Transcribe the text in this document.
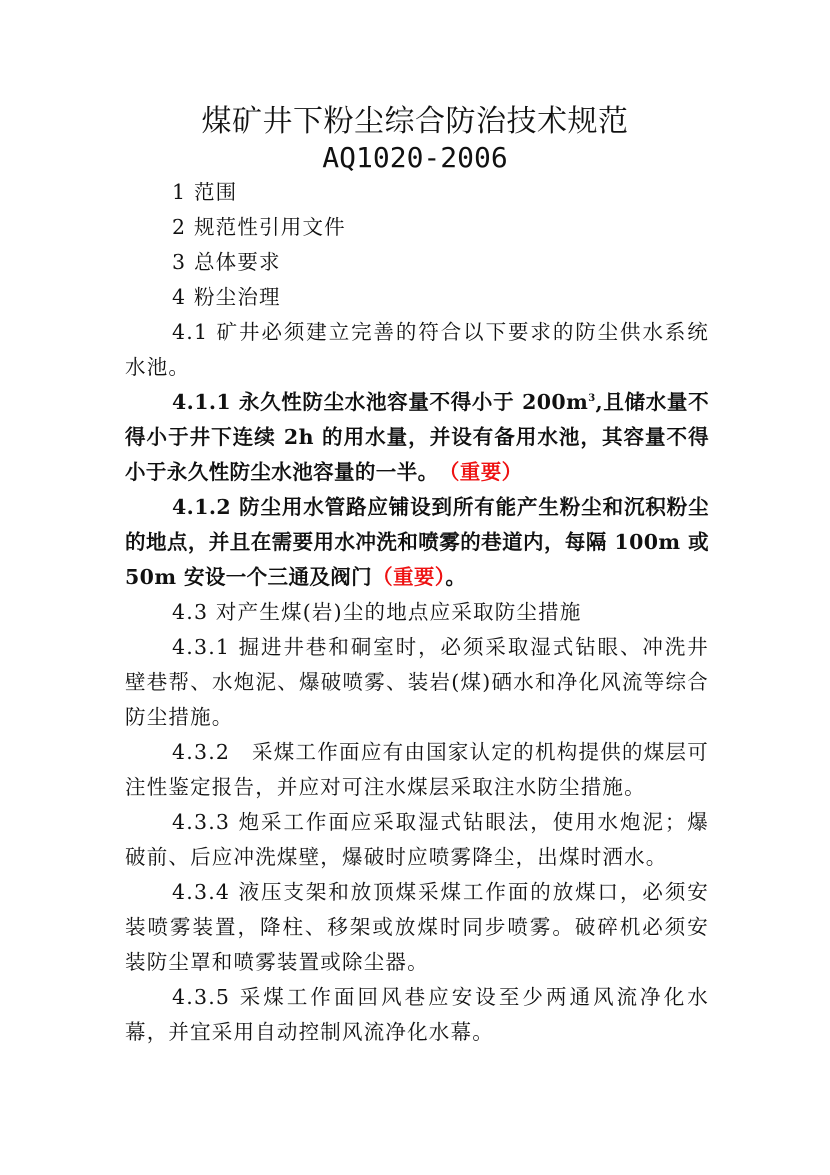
煤矿井下粉尘综合防治技术规范
AQ1020-2006

1 范围

2 规范性引用文件

3 总体要求

4 粉尘治理

4.1 矿井必须建立完善的符合以下要求的防尘供水系统水池。

4.1.1 永久性防尘水池容量不得小于 $200m^3$,且储水量不得小于井下连续 2h 的用水量，并设有备用水池，其容量不得小于永久性防尘水池容量的一半。　（重要）

4.1.2 防尘用水管路应铺设到所有能产生粉尘和沉积粉尘的地点，并且在需要用水冲洗和喷雾的巷道内，每隔 100m 或 50m 安设一个三通及阀门（重要）。

4.3 对产生煤(岩)尘的地点应采取防尘措施

4.3.1 掘进井巷和硐室时，必须采取湿式钻眼、冲洗井壁巷帮、水炮泥、爆破喷雾、装岩(煤)硒水和净化风流等综合防尘措施。

4.3.2　采煤工作面应有由国家认定的机构提供的煤层可注性鉴定报告，并应对可注水煤层采取注水防尘措施。

4.3.3 炮采工作面应采取湿式钻眼法，使用水炮泥；爆破前、后应冲洗煤壁，爆破时应喷雾降尘，出煤时洒水。

4.3.4 液压支架和放顶煤采煤工作面的放煤口，必须安装喷雾装置，降柱、移架或放煤时同步喷雾。破碎机必须安装防尘罩和喷雾装置或除尘器。

4.3.5 采煤工作面回风巷应安设至少两通风流净化水幕，并宜采用自动控制风流净化水幕。
